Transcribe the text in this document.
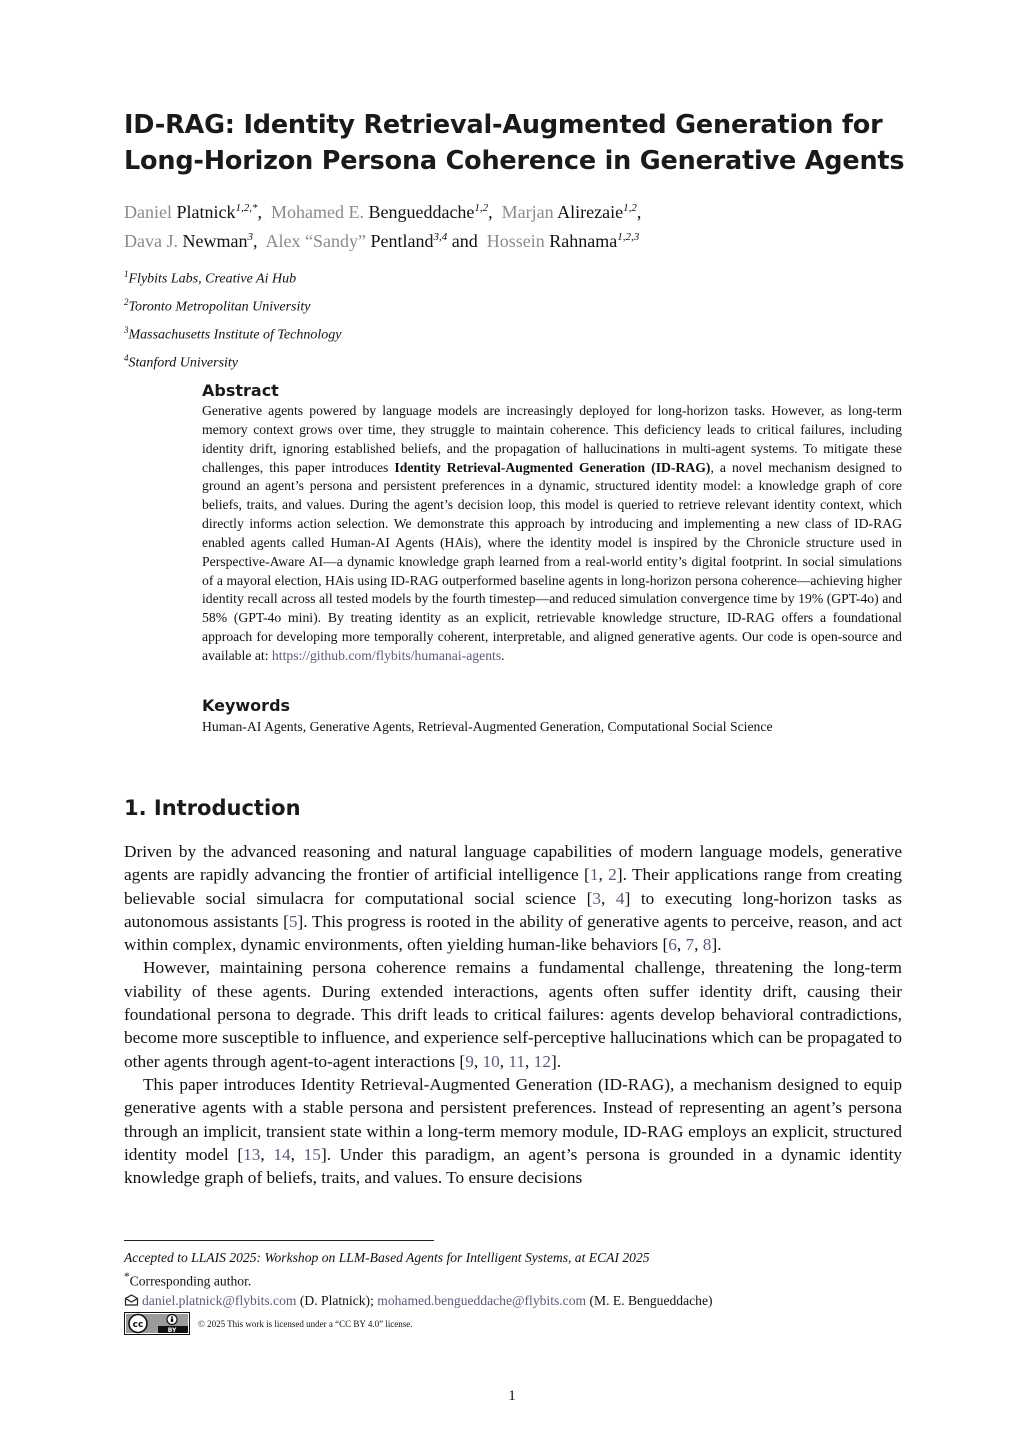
ID-RAG: Identity Retrieval-Augmented Generation for
Long-Horizon Persona Coherence in Generative Agents
Daniel Platnick$^{1,2,*}$,  Mohamed E. Bengueddache$^{1,2}$,  Marjan Alirezaie$^{1,2}$,
Dava J. Newman$^3$,  Alex “Sandy” Pentland$^{3,4}$ and Hossein Rahnama$^{1,2,3}$
$^1$Flybits Labs, Creative Ai Hub
$^2$Toronto Metropolitan University
$^3$Massachusetts Institute of Technology
$^4$Stanford University
Abstract
Generative agents powered by language models are increasingly deployed for long-horizon tasks. However, as long-term memory context grows over time, they struggle to maintain coherence. This deficiency leads to critical failures, including identity drift, ignoring established beliefs, and the propagation of hallucinations in multi-agent systems. To mitigate these challenges, this paper introduces Identity Retrieval-Augmented Generation (ID-RAG), a novel mechanism designed to ground an agent’s persona and persistent preferences in a dynamic, structured identity model: a knowledge graph of core beliefs, traits, and values. During the agent’s decision loop, this model is queried to retrieve relevant identity context, which directly informs action selection. We demonstrate this approach by introducing and implementing a new class of ID-RAG enabled agents called Human-AI Agents (HAis), where the identity model is inspired by the Chronicle structure used in Perspective-Aware AI—a dynamic knowledge graph learned from a real-world entity’s digital footprint. In social simulations of a mayoral election, HAis using ID-RAG outperformed baseline agents in long-horizon persona coherence—achieving higher identity recall across all tested models by the fourth timestep—and reduced simulation convergence time by 19% (GPT-4o) and 58% (GPT-4o mini). By treating identity as an explicit, retrievable knowledge structure, ID-RAG offers a foundational approach for developing more temporally coherent, interpretable, and aligned generative agents. Our code is open-source and available at: https://github.com/flybits/humanai-agents.
Keywords
Human-AI Agents, Generative Agents, Retrieval-Augmented Generation, Computational Social Science
1. Introduction

Driven by the advanced reasoning and natural language capabilities of modern language models, generative agents are rapidly advancing the frontier of artificial intelligence [1, 2]. Their applications range from creating believable social simulacra for computational social science [3, 4] to executing long-horizon tasks as autonomous assistants [5]. This progress is rooted in the ability of generative agents to perceive, reason, and act within complex, dynamic environments, often yielding human-like behaviors [6, 7, 8].

However, maintaining persona coherence remains a fundamental challenge, threatening the long-term viability of these agents. During extended interactions, agents often suffer identity drift, causing their foundational persona to degrade. This drift leads to critical failures: agents develop behavioral contradictions, become more susceptible to influence, and experience self-perceptive hallucinations which can be propagated to other agents through agent-to-agent interactions [9, 10, 11, 12].

This paper introduces Identity Retrieval-Augmented Generation (ID-RAG), a mechanism designed to equip generative agents with a stable persona and persistent preferences. Instead of representing an agent’s persona through an implicit, transient state within a long-term memory module, ID-RAG employs an explicit, structured identity model [13, 14, 15]. Under this paradigm, an agent’s persona is grounded in a dynamic identity knowledge graph of beliefs, traits, and values. To ensure decisions

Accepted to LLAIS 2025: Workshop on LLM-Based Agents for Intelligent Systems, at ECAI 2025
*Corresponding author.
daniel.platnick@flybits.com (D. Platnick); mohamed.bengueddache@flybits.com (M. E. Bengueddache)
cc
BY
© 2025 This work is licensed under a “CC BY 4.0” license.
1
